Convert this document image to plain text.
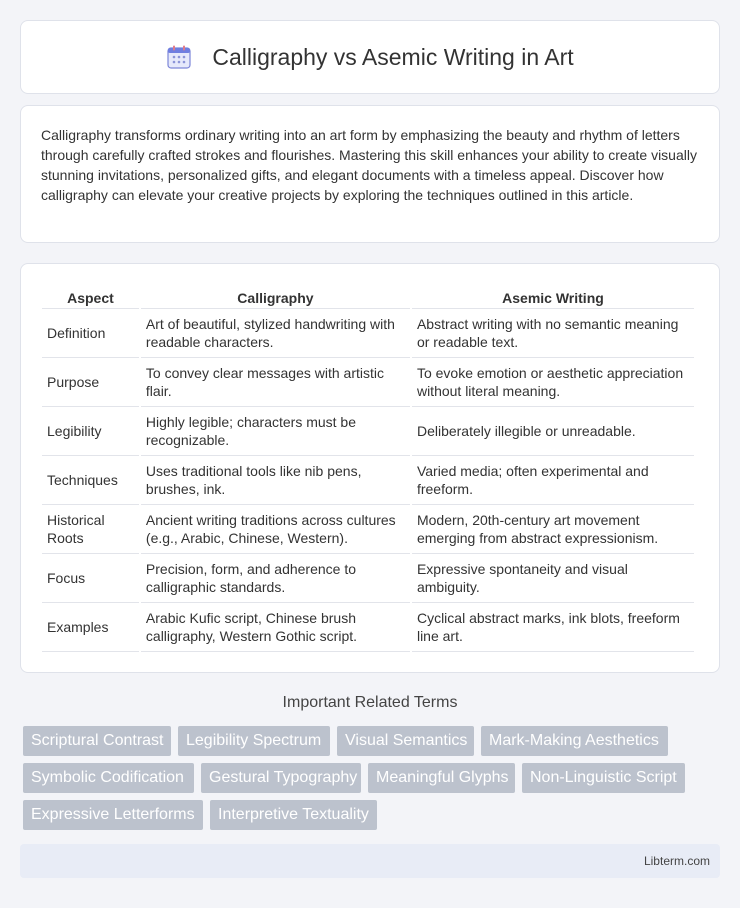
Calligraphy vs Asemic Writing in Art

Calligraphy transforms ordinary writing into an art form by emphasizing the beauty and rhythm of letters through carefully crafted strokes and flourishes. Mastering this skill enhances your ability to create visually stunning invitations, personalized gifts, and elegant documents with a timeless appeal. Discover how calligraphy can elevate your creative projects by exploring the techniques outlined in this article.

Aspect	Calligraphy	Asemic Writing
Definition	Art of beautiful, stylized handwriting with readable characters.	Abstract writing with no semantic meaning or readable text.
Purpose	To convey clear messages with artistic flair.	To evoke emotion or aesthetic appreciation without literal meaning.
Legibility	Highly legible; characters must be recognizable.	Deliberately illegible or unreadable.
Techniques	Uses traditional tools like nib pens, brushes, ink.	Varied media; often experimental and freeform.
Historical Roots	Ancient writing traditions across cultures (e.g., Arabic, Chinese, Western).	Modern, 20th-century art movement emerging from abstract expressionism.
Focus	Precision, form, and adherence to calligraphic standards.	Expressive spontaneity and visual ambiguity.
Examples	Arabic Kufic script, Chinese brush calligraphy, Western Gothic script.	Cyclical abstract marks, ink blots, freeform line art.
Important Related Terms
Scriptural Contrast	Legibility Spectrum	Visual Semantics	Mark-Making Aesthetics
Symbolic Codification	Gestural Typography	Meaningful Glyphs	Non-Linguistic Script
Expressive Letterforms	Interpretive Textuality
Libterm.com
